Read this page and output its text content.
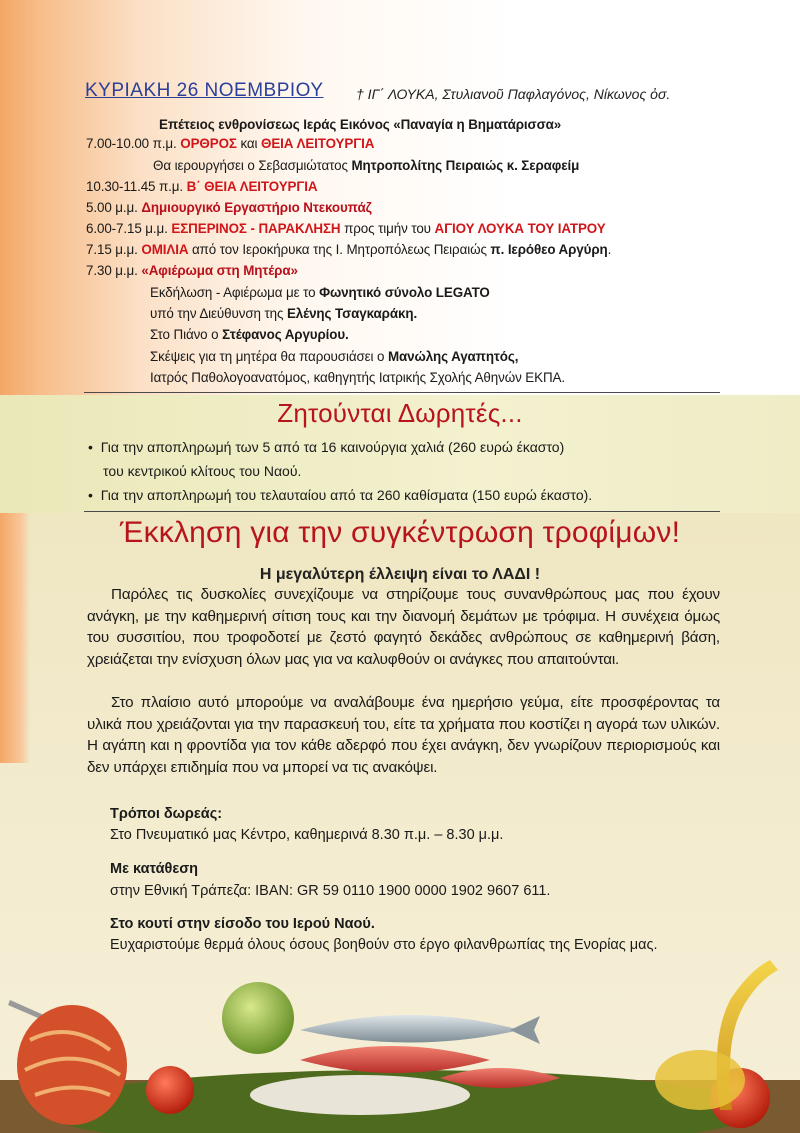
ΚΥΡΙΑΚΗ 26 ΝΟΕΜΒΡΙΟΥ † ΙΓ΄ ΛΟΥΚΑ, Στυλιανοῦ Παφλαγόνος, Νίκωνος ὀσ.
Επέτειος ενθρονίσεως Ιεράς Εικόνος «Παναγία η Βηματάρισσα»
7.00-10.00 π.μ. ΟΡΘΡΟΣ και ΘΕΙΑ ΛΕΙΤΟΥΡΓΙΑ
Θα ιερουργήσει ο Σεβασμιώτατος Μητροπολίτης Πειραιώς κ. Σεραφείμ
10.30-11.45 π.μ. Β΄ ΘΕΙΑ ΛΕΙΤΟΥΡΓΙΑ
5.00 μ.μ. Δημιουργικό Εργαστήριο Ντεκουπάζ
6.00-7.15 μ.μ. ΕΣΠΕΡΙΝΟΣ - ΠΑΡΑΚΛΗΣΗ προς τιμήν του ΑΓΙΟΥ ΛΟΥΚΑ ΤΟΥ ΙΑΤΡΟΥ
7.15 μ.μ. ΟΜΙΛΙΑ από τον Ιεροκήρυκα της Ι. Μητροπόλεως Πειραιώς π. Ιερόθεο Αργύρη.
7.30 μ.μ. «Αφιέρωμα στη Μητέρα»
Εκδήλωση - Αφιέρωμα με το Φωνητικό σύνολο LEGATO
υπό την Διεύθυνση της Ελένης Τσαγκαράκη.
Στο Πιάνο ο Στέφανος Αργυρίου.
Σκέψεις για τη μητέρα θα παρουσιάσει ο Μανώλης Αγαπητός,
Ιατρός Παθολογοανατόμος, καθηγητής Ιατρικής Σχολής Αθηνών ΕΚΠΑ.
Ζητούνται Δωρητές...
•  Για την αποπληρωμή των 5 από τα 16 καινούργια χαλιά (260 ευρώ έκαστο)
του κεντρικού κλίτους του Ναού.
•  Για την αποπληρωμή του τελαυταίου από τα 260 καθίσματα (150 ευρώ έκαστο).
Έκκληση για την συγκέντρωση τροφίμων!
Η μεγαλύτερη έλλειψη είναι το ΛΑΔΙ !

Παρόλες τις δυσκολίες συνεχίζουμε να στηρίζουμε τους συνανθρώπους μας που έχουν ανάγκη, με την καθημερινή σίτιση τους και την διανομή δεμάτων με τρόφιμα. Η συνέχεια όμως του συσσιτίου, που τροφοδοτεί με ζεστό φαγητό δεκάδες ανθρώπους σε καθημερινή βάση, χρειάζεται την ενίσχυση όλων μας για να καλυφθούν οι ανάγκες που απαιτούνται.

Στο πλαίσιο αυτό μπορούμε να αναλάβουμε ένα ημερήσιο γεύμα, είτε προσφέροντας τα υλικά που χρειάζονται για την παρασκευή του, είτε τα χρήματα που κοστίζει η αγορά των υλικών. Η αγάπη και η φροντίδα για τον κάθε αδερφό που έχει ανάγκη, δεν γνωρίζουν περιορισμούς και δεν υπάρχει επιδημία που να μπορεί να τις ανακόψει.

Τρόποι δωρεάς:
Στο Πνευματικό μας Κέντρο, καθημερινά 8.30 π.μ. – 8.30 μ.μ.
Με κατάθεση
στην Εθνική Τράπεζα: IBAN: GR 59 0110 1900 0000 1902 9607 611.
Στο κουτί στην είσοδο του Ιερού Ναού.
Ευχαριστούμε θερμά όλους όσους βοηθούν στο έργο φιλανθρωπίας της Ενορίας μας.
